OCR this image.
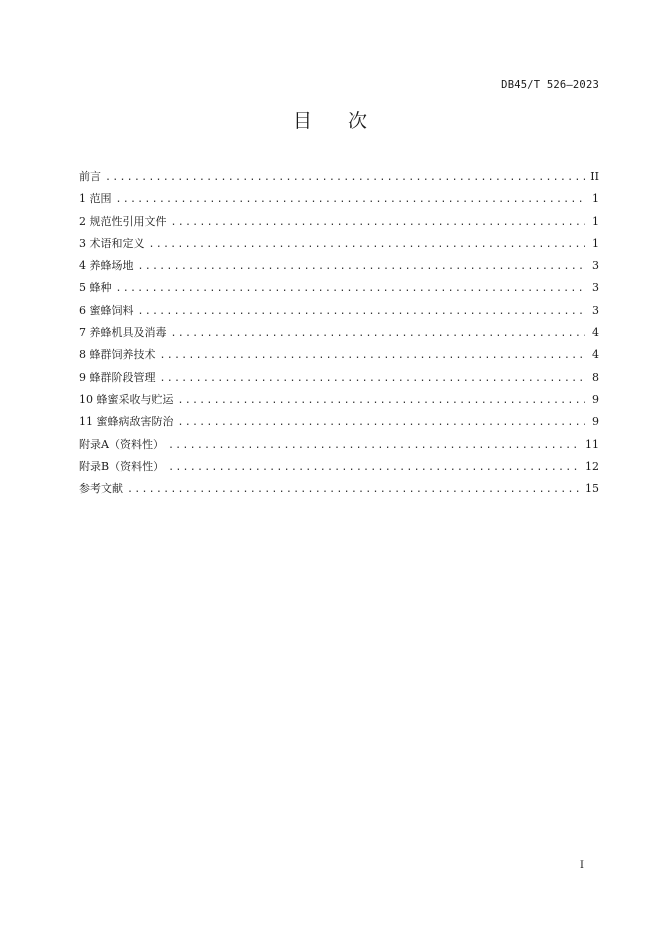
DB45/T 526—2023
目 次
前言 .....	II
1 范围 .....	1
2 规范性引用文件 .....	1
3 术语和定义 .....	1
4 养蜂场地 .....	3
5 蜂种 .....	3
6 蜜蜂饲料 .....	3
7 养蜂机具及消毒 .....	4
8 蜂群饲养技术 .....	4
9 蜂群阶段管理 .....	8
10 蜂蜜采收与贮运 .....	9
11 蜜蜂病敌害防治 .....	9
附录A（资料性） .....	11
附录B（资料性） .....	12
参考文献 .....	15
I
